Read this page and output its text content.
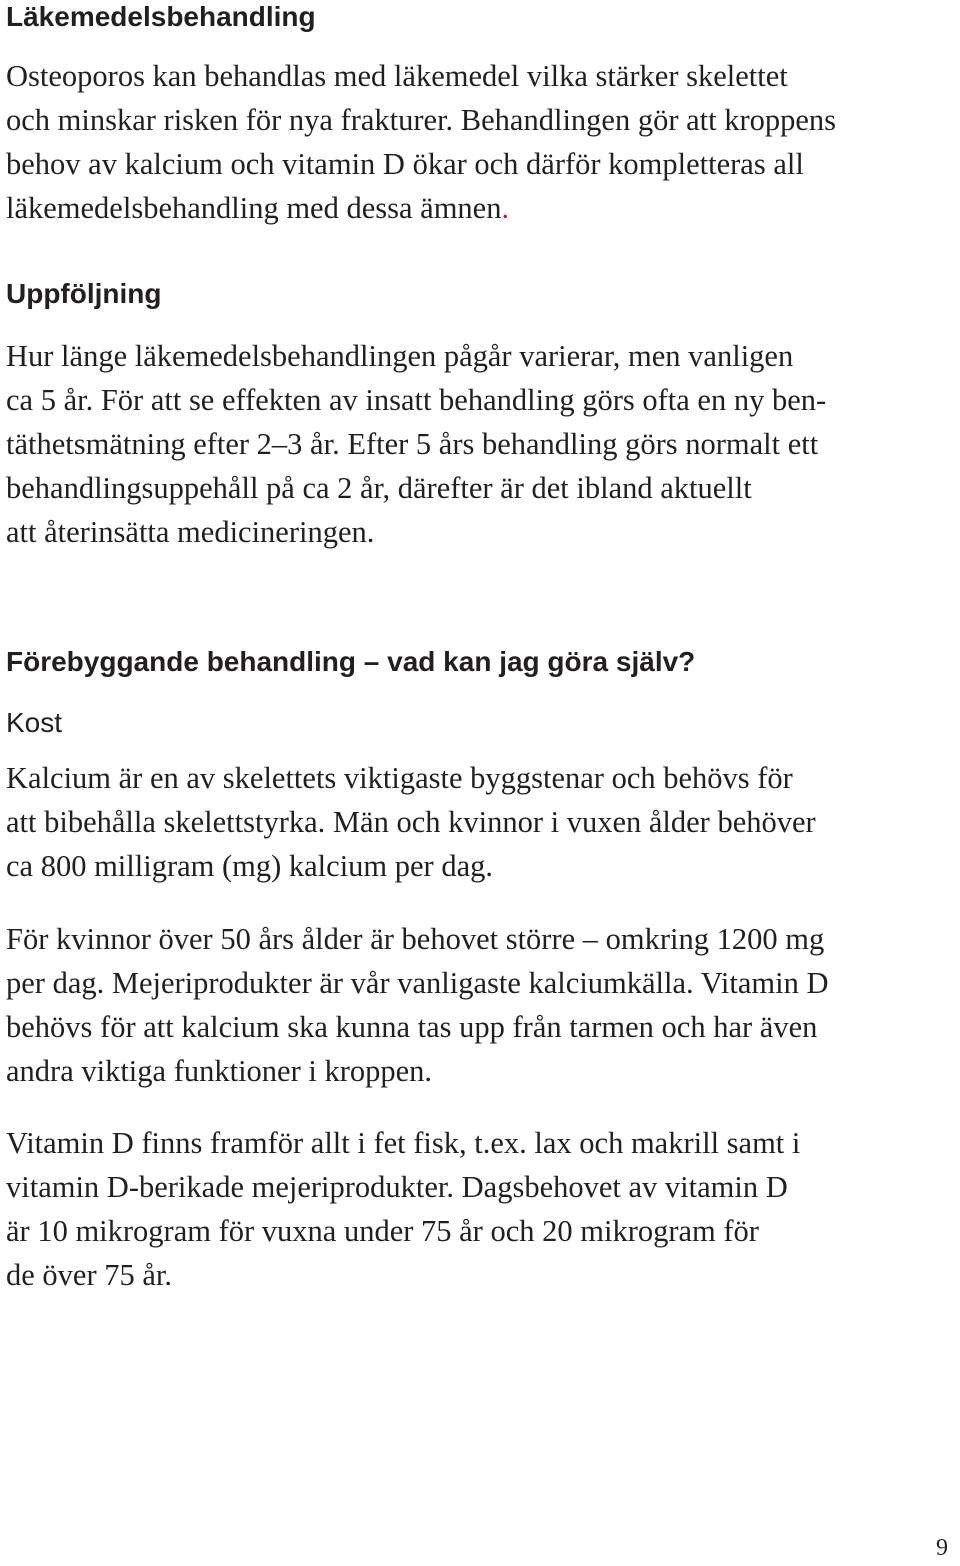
Läkemedelsbehandling

Osteoporos kan behandlas med läkemedel vilka stärker skelettet
och minskar risken för nya frakturer. Behandlingen gör att kroppens
behov av kalcium och vitamin D ökar och därför kompletteras all
läkemedelsbehandling med dessa ämnen.

Uppföljning

Hur länge läkemedelsbehandlingen pågår varierar, men vanligen
ca 5 år. För att se effekten av insatt behandling görs ofta en ny ben-
täthetsmätning efter 2–3 år. Efter 5 års behandling görs normalt ett
behandlingsuppehåll på ca 2 år, därefter är det ibland aktuellt
att återinsätta medicineringen.

Förebyggande behandling – vad kan jag göra själv?
Kost

Kalcium är en av skelettets viktigaste byggstenar och behövs för
att bibehålla skelettstyrka. Män och kvinnor i vuxen ålder behöver
ca 800 milligram (mg) kalcium per dag.

För kvinnor över 50 års ålder är behovet större – omkring 1200 mg
per dag. Mejeriprodukter är vår vanligaste kalciumkälla. Vitamin D
behövs för att kalcium ska kunna tas upp från tarmen och har även
andra viktiga funktioner i kroppen.

Vitamin D finns framför allt i fet fisk, t.ex. lax och makrill samt i
vitamin D-berikade mejeriprodukter. Dagsbehovet av vitamin D
är 10 mikrogram för vuxna under 75 år och 20 mikrogram för
de över 75 år.

9
